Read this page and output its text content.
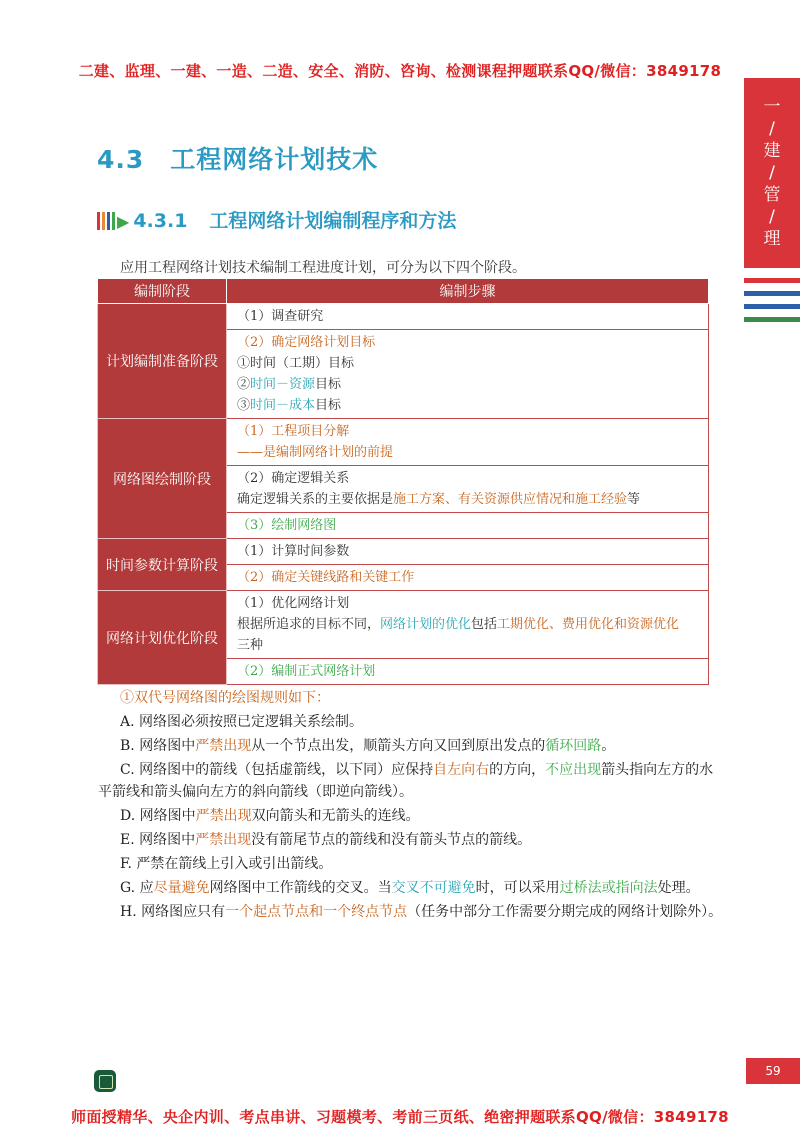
二建、监理、一建、一造、二造、安全、消防、咨询、检测课程押题联系QQ/微信：3849178
一
/
建
/
管
/
理
4.3 工程网络计划技术
▶ 4.3.1 工程网络计划编制程序和方法
应用工程网络计划技术编制工程进度计划，可分为以下四个阶段。
编制阶段	编制步骤
计划编制准备阶段	（1）调查研究

	（2）确定网络计划目标
①时间（工期）目标
②时间－资源目标
③时间－成本目标

网络图绘制阶段	（1）工程项目分解
——是编制网络计划的前提

	（2）确定逻辑关系
确定逻辑关系的主要依据是施工方案、有关资源供应情况和施工经验等

	（3）绘制网络图
时间参数计算阶段	（1）计算时间参数
	（2）确定关键线路和关键工作
网络计划优化阶段	（1）优化网络计划
根据所追求的目标不同，网络计划的优化包括工期优化、费用优化和资源优化
三种

	（2）编制正式网络计划
①双代号网络图的绘图规则如下：
A. 网络图必须按照已定逻辑关系绘制。
B. 网络图中严禁出现从一个节点出发，顺箭头方向又回到原出发点的循环回路。
C. 网络图中的箭线（包括虚箭线，以下同）应保持自左向右的方向，不应出现箭头指向左方的水
平箭线和箭头偏向左方的斜向箭线（即逆向箭线）。
D. 网络图中严禁出现双向箭头和无箭头的连线。
E. 网络图中严禁出现没有箭尾节点的箭线和没有箭头节点的箭线。
F. 严禁在箭线上引入或引出箭线。
G. 应尽量避免网络图中工作箭线的交叉。当交叉不可避免时，可以采用过桥法或指向法处理。
H. 网络图应只有一个起点节点和一个终点节点（任务中部分工作需要分期完成的网络计划除外）。
59
师面授精华、央企内训、考点串讲、习题模考、考前三页纸、绝密押题联系QQ/微信：3849178
